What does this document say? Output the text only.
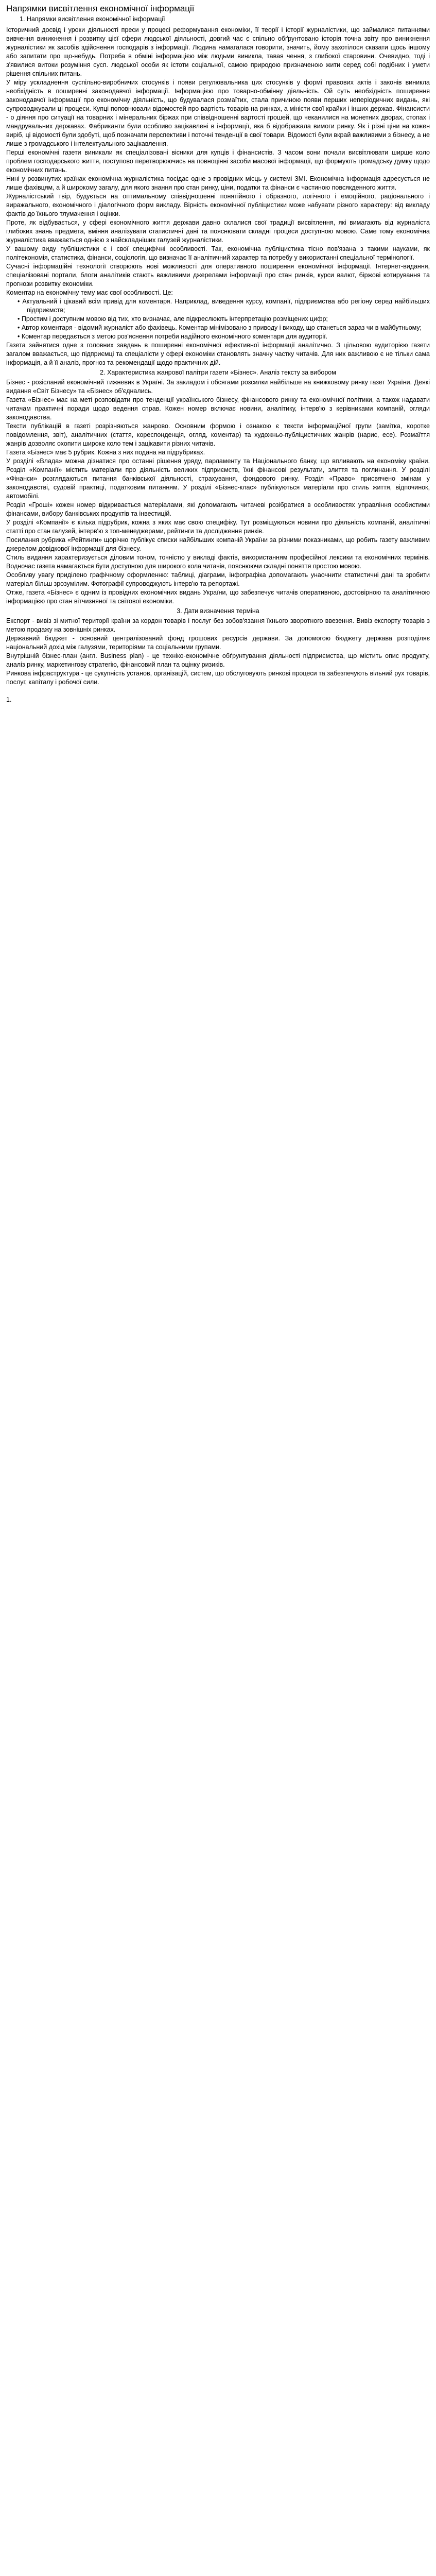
Напрямки висвітлення економічної інформації
1. Напрямки висвітлення економічної інформації

Історичний досвід і уроки діяльності преси у процесі реформування економіки, її теорії і історії журналістики, що займалися питаннями вивчення виникнення і розвитку цієї сфери людської діяльності, довгий час є спільно обґрунтовано історія точна звіту про виникнення журналістики як засобів здійснення господарів з інформації. Людина намагалася говорити, значить, йому захотілося сказати щось іншому або запитати про що-небудь. Потреба в обміні інформацією між людьми виникла, тавая чення, з глибокої старовини. Очевидно, тоді і з'явилися витоки розуміння сусп. людської особи як істоти соціальної, самою природою призначеною жити серед собі подібних і умети рішення спільних питань.

У міру ускладнення суспільно-виробничих стосунків і появи регулювальника цих стосунків у формі правових актів і законів виникла необхідність в поширенні законодавчої інформації. Інформацією про товарно-обмінну діяльність. Ой суть необхідність поширення законодавчої інформації про економічну діяльність, що будувалася розмаїтих, стала причиною появи перших неперіодичних видань, які супроводжували ці процеси. Купці поповнювали відомостей про вартість товарів на ринках, а міністи свої крайки і інших держав. Фінансисти - о діяння про ситуації на товарних і мінеральних біржах при співвідношенні вартості грошей, що чеканилися на монетних дворах, стопах і мандрувальних державах. Фабриканти були особливо зацікавлені в інформації, яка б відображала вимоги ринку. Як і різні ціни на кожен виріб, ці відомості були здобуті, щоб позначати перспективи і поточні тенденції в свої товари. Відомості були вкрай важливими з бізнесу, а не лише з громадського і інтелектуального зацікавлення.

Перші економічні газети виникали як спеціалізовані вісники для купців і фінансистів. З часом вони почали висвітлювати ширше коло проблем господарського життя, поступово перетворюючись на повноцінні засоби масової інформації, що формують громадську думку щодо економічних питань.

Нині у розвинутих країнах економічна журналістика посідає одне з провідних місць у системі ЗМІ. Економічна інформація адресується не лише фахівцям, а й широкому загалу, для якого знання про стан ринку, ціни, податки та фінанси є частиною повсякденного життя.

Журналістський твір, будується на оптимальному співвідношенні понятійного і образного, логічного і емоційного, раціонального і виражального, економічного і діалогічного форм викладу. Вірність економічної публіцистики може набувати різного характеру: від викладу фактів до їхнього тлумачення і оцінки.

Проте, як відбувається, у сфері економічного життя держави давно склалися свої традиції висвітлення, які вимагають від журналіста глибоких знань предмета, вміння аналізувати статистичні дані та пояснювати складні процеси доступною мовою. Саме тому економічна журналістика вважається однією з найскладніших галузей журналістики.

У вашому виду публіцистики є і свої специфічні особливості. Так, економічна публіцистика тісно пов'язана з такими науками, як політекономія, статистика, фінанси, соціологія, що визначає її аналітичний характер та потребу у використанні спеціальної термінології.

Сучасні інформаційні технології створюють нові можливості для оперативного поширення економічної інформації. Інтернет-видання, спеціалізовані портали, блоги аналітиків стають важливими джерелами інформації про стан ринків, курси валют, біржові котирування та прогнози розвитку економіки.

Коментар на економічну тему має свої особливості. Це:

• Актуальний і цікавий всім привід для коментаря. Наприклад, виведення курсу, компанії, підприємства або регіону серед найбільших підприємств;

• Простим і доступним мовою від тих, хто визначає, але підкреслюють інтерпретацію розміщених цифр;

• Автор коментаря - відомий журналіст або фахівець. Коментар мінімізовано з приводу і виходу, що станеться зараз чи в майбутньому;

• Коментар передається з метою роз'яснення потреби надійного економічного коментаря для аудиторії.

Газета зайнятися одне з головних завдань в поширенні економічної ефективної інформації аналітично. З цільовою аудиторією газети загалом вважається, що підприємці та спеціалісти у сфері економіки становлять значну частку читачів. Для них важливою є не тільки сама інформація, а й її аналіз, прогноз та рекомендації щодо практичних дій.

2. Характеристика жанрової палітри газети «Бізнес». Аналіз тексту за вибором

Бізнес - розісланий економічний тижневик в Україні. За закладом і обсягами розсилки найбільше на книжковому ринку газет України. Деякі видання «Світ Бізнесу» та «Бізнес» об'єднались.

Газета «Бізнес» має на меті розповідати про тенденції українського бізнесу, фінансового ринку та економічної політики, а також надавати читачам практичні поради щодо ведення справ. Кожен номер включає новини, аналітику, інтерв'ю з керівниками компаній, огляди законодавства.

Тексти публікацій в газеті розрізняються жанрово. Основним формою і ознакою є тексти інформаційної групи (замітка, коротке повідомлення, звіт), аналітичних (стаття, кореспонденція, огляд, коментар) та художньо-публіцистичних жанрів (нарис, есе). Розмаїття жанрів дозволяє охопити широке коло тем і зацікавити різних читачів.

Газета «Бізнес» має 5 рубрик. Кожна з них подана на підрубриках.

У розділі «Влада» можна дізнатися про останні рішення уряду, парламенту та Національного банку, що впливають на економіку країни. Розділ «Компанії» містить матеріали про діяльність великих підприємств, їхні фінансові результати, злиття та поглинання. У розділі «Фінанси» розглядаються питання банківської діяльності, страхування, фондового ринку. Розділ «Право» присвячено змінам у законодавстві, судовій практиці, податковим питанням. У розділі «Бізнес-клас» публікуються матеріали про стиль життя, відпочинок, автомобілі.

Розділ «Гроші» кожен номер відкривається матеріалами, які допомагають читачеві розібратися в особливостях управління особистими фінансами, вибору банківських продуктів та інвестицій.

У розділі «Компанії» є кілька підрубрик, кожна з яких має свою специфіку. Тут розміщуються новини про діяльність компаній, аналітичні статті про стан галузей, інтерв'ю з топ-менеджерами, рейтинги та дослідження ринків.

Посилання рубрика «Рейтинги» щорічно публікує списки найбільших компаній України за різними показниками, що робить газету важливим джерелом довідкової інформації для бізнесу.

Стиль видання характеризується діловим тоном, точністю у викладі фактів, використанням професійної лексики та економічних термінів. Водночас газета намагається бути доступною для широкого кола читачів, пояснюючи складні поняття простою мовою.

Особливу увагу приділено графічному оформленню: таблиці, діаграми, інфографіка допомагають унаочнити статистичні дані та зробити матеріал більш зрозумілим. Фотографії супроводжують інтерв'ю та репортажі.

Отже, газета «Бізнес» є одним із провідних економічних видань України, що забезпечує читачів оперативною, достовірною та аналітичною інформацією про стан вітчизняної та світової економіки.

3. Дати визначення терміна

Експорт - вивіз зі митної території країни за кордон товарів і послуг без зобов'язання їхнього зворотного ввезення. Вивіз експорту товарів з метою продажу на зовнішніх ринках.

Державний бюджет - основний централізований фонд грошових ресурсів держави. За допомогою бюджету держава розподіляє національний дохід між галузями, територіями та соціальними групами.

Внутрішній бізнес-план (англ. Business plan) - це техніко-економічне обґрунтування діяльності підприємства, що містить опис продукту, аналіз ринку, маркетингову стратегію, фінансовий план та оцінку ризиків.

Ринкова інфраструктура - це сукупність установ, організацій, систем, що обслуговують ринкові процеси та забезпечують вільний рух товарів, послуг, капіталу і робочої сили.

1.
